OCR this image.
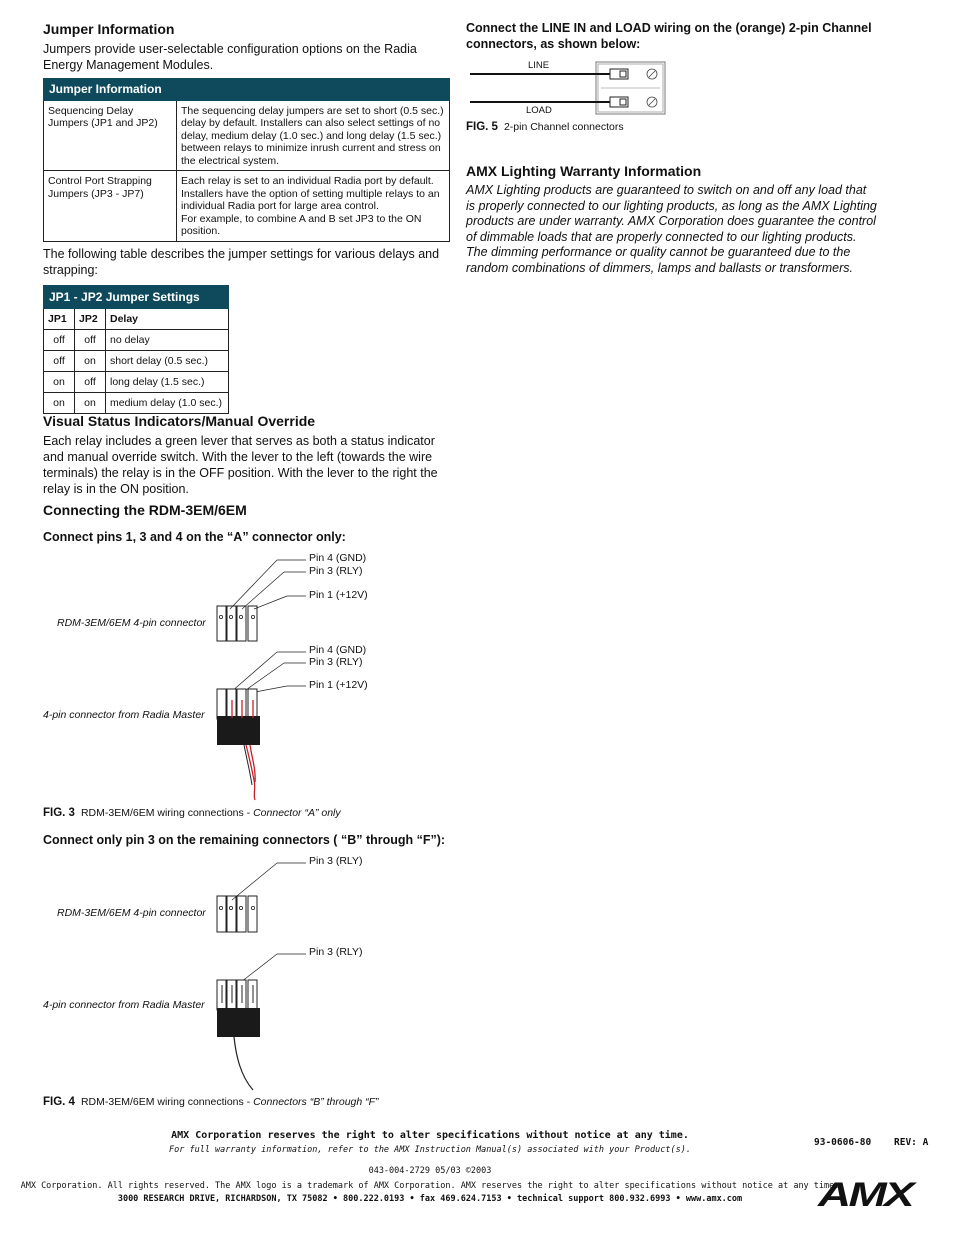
Jumper Information
Jumpers provide user-selectable configuration options on the Radia Energy Management Modules.
Jumper Information	
Sequencing Delay Jumpers (JP1 and JP2)	The sequencing delay jumpers are set to short (0.5 sec.) delay by default. Installers can also select settings of no delay, medium delay (1.0 sec.) and long delay (1.5 sec.) between relays to minimize inrush current and stress on the electrical system.
Control Port Strapping Jumpers (JP3 - JP7)	Each relay is set to an individual Radia port by default. Installers have the option of setting multiple relays to an individual Radia port for large area control.
For example, to combine A and B set JP3 to the ON position.
The following table describes the jumper settings for various delays and strapping:
JP1 - JP2 Jumper Settings		
JP1	JP2	Delay
off	off	no delay
off	on	short delay (0.5 sec.)
on	off	long delay (1.5 sec.)
on	on	medium delay (1.0 sec.)
Visual Status Indicators/Manual Override
Each relay includes a green lever that serves as both a status indicator and manual override switch. With the lever to the left (towards the wire terminals) the relay is in the OFF position. With the lever to the right the relay is in the ON position.
Connecting the RDM-3EM/6EM
Connect pins 1, 3 and 4 on the “A” connector only:
Pin 4 (GND)
Pin 3 (RLY)
Pin 1 (+12V)
RDM-3EM/6EM 4-pin connector
Pin 4 (GND)
Pin 3 (RLY)
Pin 1 (+12V)
4-pin connector from Radia Master
FIG. 3 RDM-3EM/6EM wiring connections - Connector “A” only
Connect only pin 3 on the remaining connectors ( “B” through “F”):
Pin 3 (RLY)
RDM-3EM/6EM 4-pin connector
Pin 3 (RLY)
4-pin connector from Radia Master
FIG. 4 RDM-3EM/6EM wiring connections - Connectors “B” through “F”
Connect the LINE IN and LOAD wiring on the (orange) 2-pin Channel connectors, as shown below:
LINE
LOAD
FIG. 5 2-pin Channel connectors
AMX Lighting Warranty Information
AMX Lighting products are guaranteed to switch on and off any load that is properly connected to our lighting products, as long as the AMX Lighting products are under warranty. AMX Corporation does guarantee the control of dimmable loads that are properly connected to our lighting products. The dimming performance or quality cannot be guaranteed due to the random combinations of dimmers, lamps and ballasts or transformers.
AMX Corporation reserves the right to alter specifications without notice at any time.
For full warranty information, refer to the AMX Instruction Manual(s) associated with your Product(s).
93-0606-80 REV: A
043-004-2729 05/03 ©2003
AMX Corporation. All rights reserved. The AMX logo is a trademark of AMX Corporation. AMX reserves the right to alter specifications without notice at any time.
3000 RESEARCH DRIVE, RICHARDSON, TX 75082 • 800.222.0193 • fax 469.624.7153 • technical support 800.932.6993 • www.amx.com	AMX
